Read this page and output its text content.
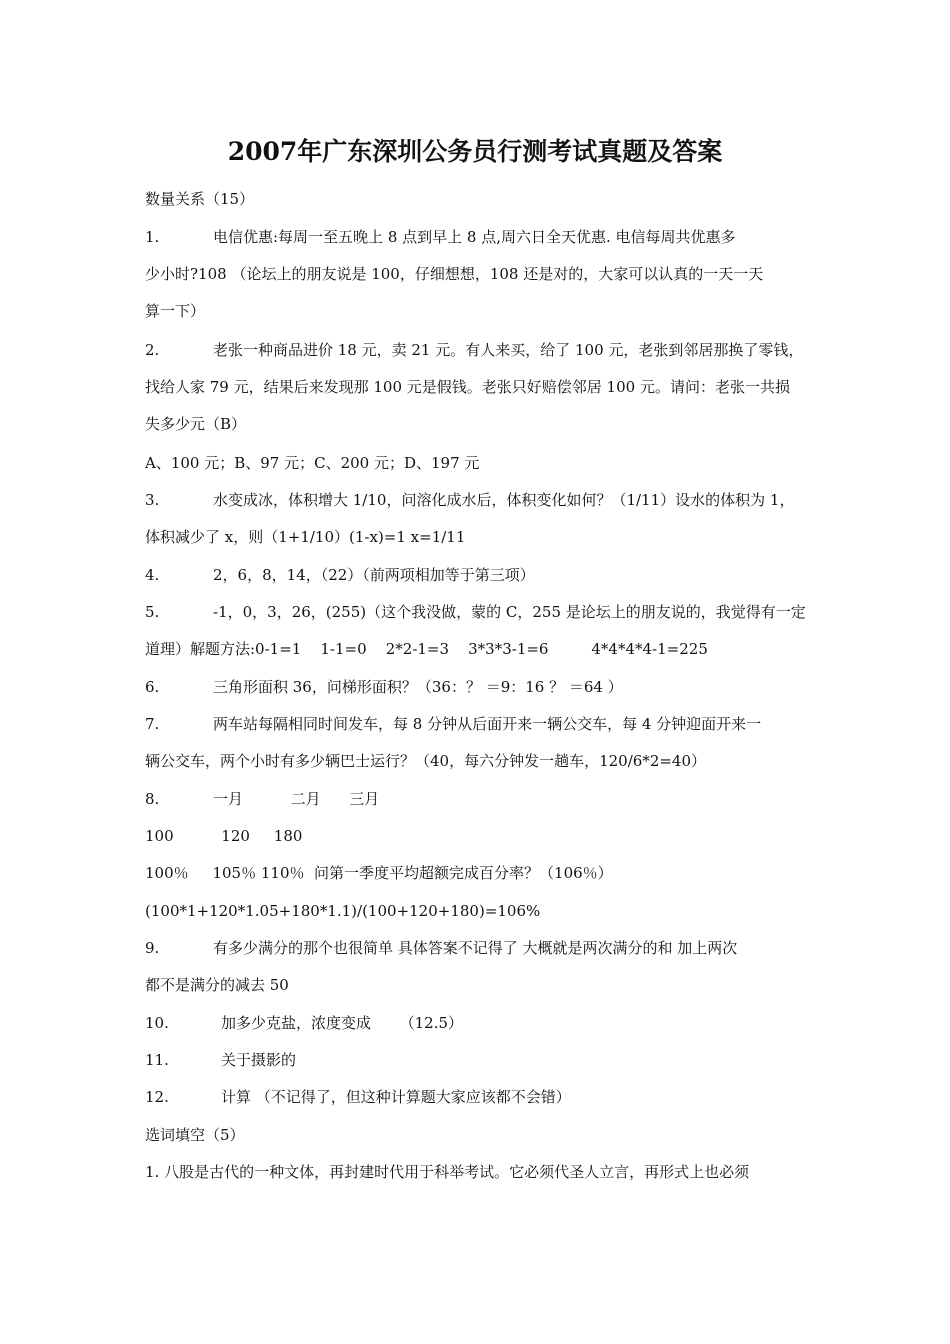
2007年广东深圳公务员行测考试真题及答案
数量关系（15）
1.	电信优惠:每周一至五晚上 8 点到早上 8 点,周六日全天优惠. 电信每周共优惠多
少小时?108 （论坛上的朋友说是 100，仔细想想，108 还是对的，大家可以认真的一天一天
算一下）
2.	老张一种商品进价 18 元，卖 21 元。有人来买，给了 100 元，老张到邻居那换了零钱，
找给人家 79 元，结果后来发现那 100 元是假钱。老张只好赔偿邻居 100 元。请问：老张一共损
失多少元（B）
A、100 元；B、97 元；C、200 元；D、197 元
3.	水变成冰，体积增大 1/10，问溶化成水后，体积变化如何？（1/11）设水的体积为 1，
体积减少了 x，则（1+1/10）(1-x)=1 x=1/11
4.	2，6，8，14，（22）（前两项相加等于第三项）
5.	-1，0，3，26，(255)（这个我没做，蒙的 C，255 是论坛上的朋友说的，我觉得有一定
道理）解题方法:0-1=1    1-1=0    2*2-1=3    3*3*3-1=6         4*4*4*4-1=225
6.	三角形面积 36，问梯形面积？（36：？ ＝9：16 ？ ＝64 ）
7.	两车站每隔相同时间发车，每 8 分钟从后面开来一辆公交车，每 4 分钟迎面开来一
辆公交车，两个小时有多少辆巴士运行？（40，每六分钟发一趟车，120/6*2=40）
8.	一月          二月      三月
100          120     180
100％     105％ 110％  问第一季度平均超额完成百分率？（106％）
(100*1+120*1.05+180*1.1)/(100+120+180)=106%
9.	有多少满分的那个也很简单 具体答案不记得了 大概就是两次满分的和 加上两次
都不是满分的减去 50
10.	加多少克盐，浓度变成      （12.5）
11.	关于摄影的
12.	计算 （不记得了，但这种计算题大家应该都不会错）
选词填空（5）
1. 八股是古代的一种文体，再封建时代用于科举考试。它必须代圣人立言，再形式上也必须
